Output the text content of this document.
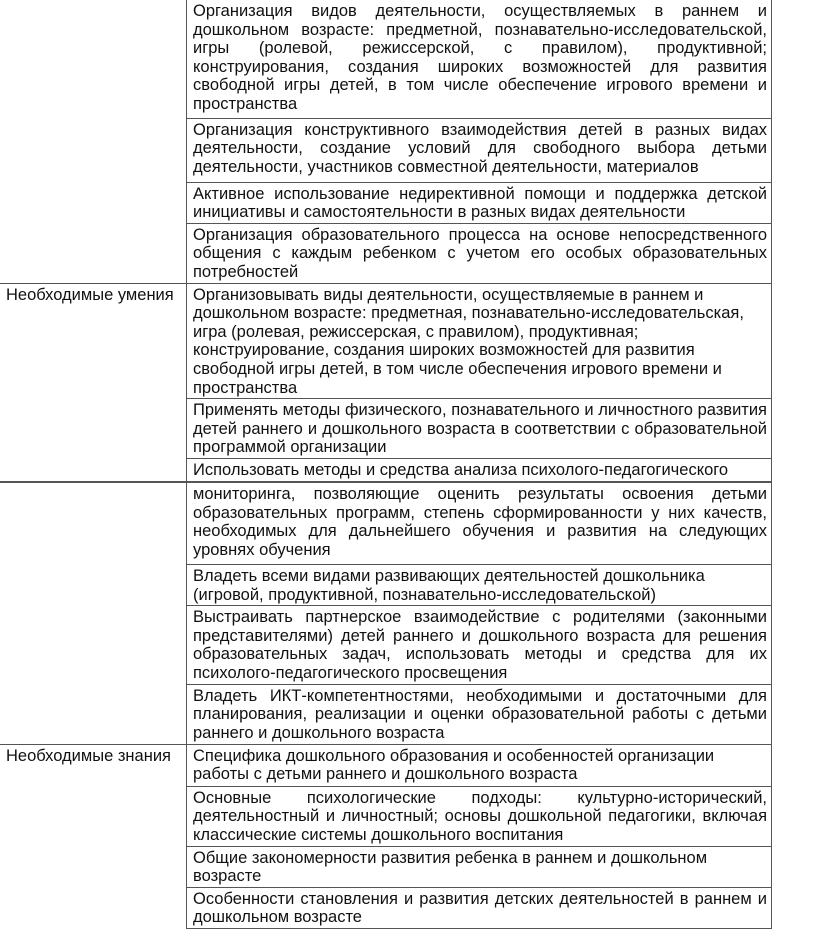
	Организация видов деятельности, осуществляемых в раннем и дошкольном возрасте: предметной, познавательно-исследовательской, игры (ролевой, режиссерской, с правилом), продуктивной; конструирования, создания широких возможностей для развития свободной игры детей, в том числе обеспечение игрового времени и пространства
	Организация конструктивного взаимодействия детей в разных видах деятельности, создание условий для свободного выбора детьми деятельности, участников совместной деятельности, материалов
	Активное использование недирективной помощи и поддержка детской инициативы и самостоятельности в разных видах деятельности
	Организация образовательного процесса на основе непосредственного общения с каждым ребенком с учетом его особых образовательных потребностей
Необходимые умения	Организовывать виды деятельности, осуществляемые в раннем и дошкольном возрасте: предметная, познавательно-исследовательская, игра (ролевая, режиссерская, с правилом), продуктивная; конструирование, создания широких возможностей для развития свободной игры детей, в том числе обеспечения игрового времени и пространства
	Применять методы физического, познавательного и личностного развития детей раннего и дошкольного возраста в соответствии с образовательной программой организации
	Использовать методы и средства анализа психолого-педагогического
	мониторинга, позволяющие оценить результаты освоения детьми образовательных программ, степень сформированности у них качеств, необходимых для дальнейшего обучения и развития на следующих уровнях обучения
	Владеть всеми видами развивающих деятельностей дошкольника (игровой, продуктивной, познавательно-исследовательской)
	Выстраивать партнерское взаимодействие с родителями (законными представителями) детей раннего и дошкольного возраста для решения образовательных задач, использовать методы и средства для их психолого-педагогического просвещения
	Владеть ИКТ-компетентностями, необходимыми и достаточными для планирования, реализации и оценки образовательной работы с детьми раннего и дошкольного возраста
Необходимые знания	Специфика дошкольного образования и особенностей организации работы с детьми раннего и дошкольного возраста
	Основные психологические подходы: культурно-исторический, деятельностный и личностный; основы дошкольной педагогики, включая классические системы дошкольного воспитания
	Общие закономерности развития ребенка в раннем и дошкольном возрасте
	Особенности становления и развития детских деятельностей в раннем и дошкольном возрасте
